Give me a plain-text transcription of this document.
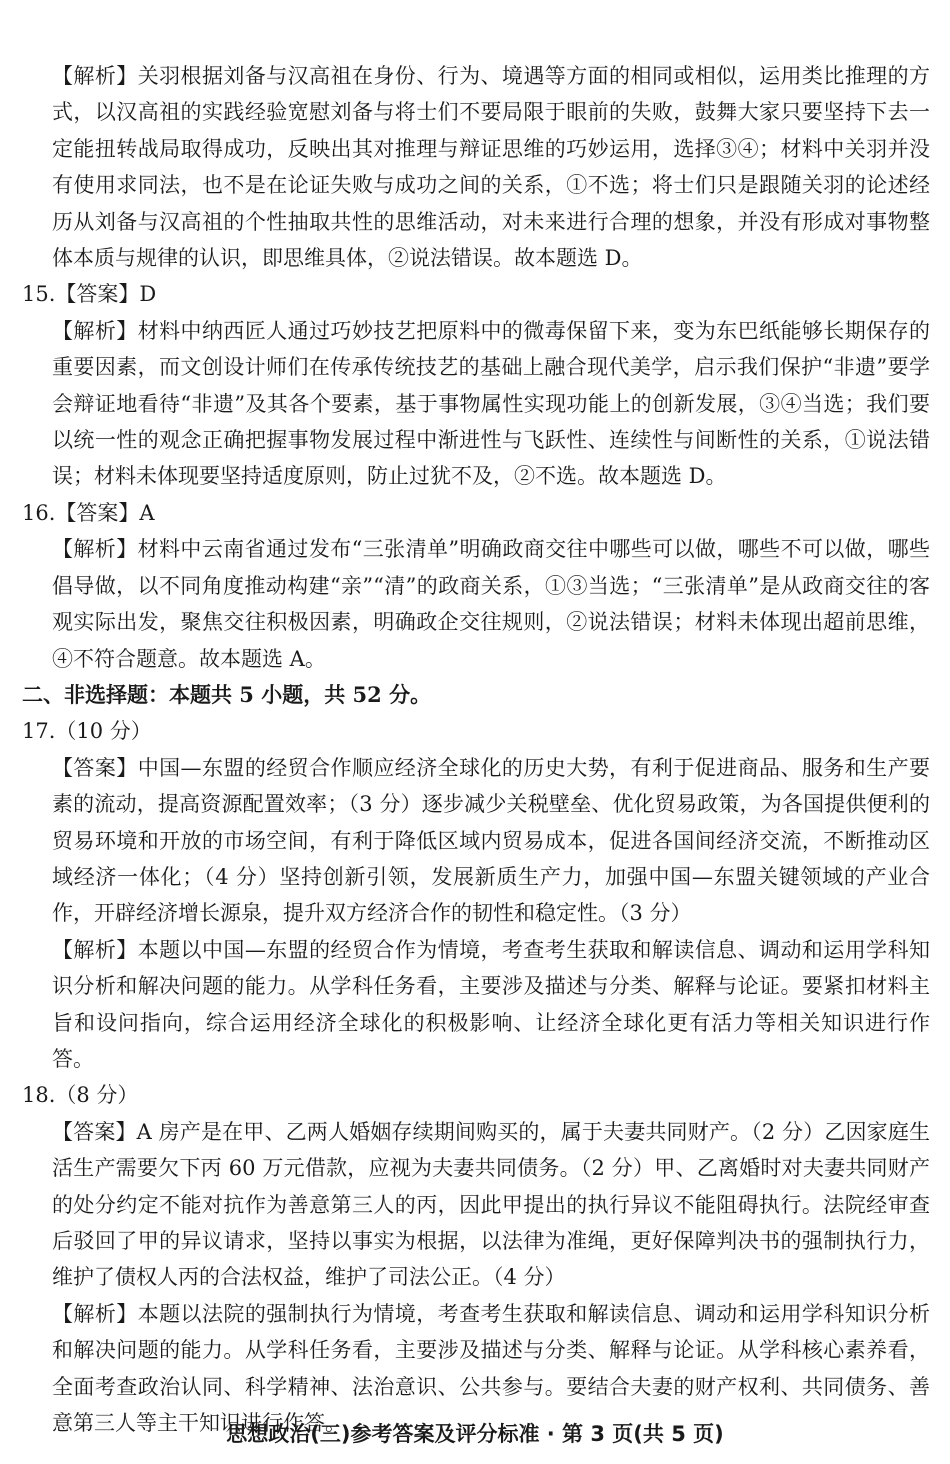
【解析】关羽根据刘备与汉高祖在身份、行为、境遇等方面的相同或相似，运用类比推理的方式，以汉高祖的实践经验宽慰刘备与将士们不要局限于眼前的失败，鼓舞大家只要坚持下去一定能扭转战局取得成功，反映出其对推理与辩证思维的巧妙运用，选择③④；材料中关羽并没有使用求同法，也不是在论证失败与成功之间的关系，①不选；将士们只是跟随关羽的论述经历从刘备与汉高祖的个性抽取共性的思维活动，对未来进行合理的想象，并没有形成对事物整体本质与规律的认识，即思维具体，②说法错误。故本题选 D。

15.【答案】D

【解析】材料中纳西匠人通过巧妙技艺把原料中的微毒保留下来，变为东巴纸能够长期保存的重要因素，而文创设计师们在传承传统技艺的基础上融合现代美学，启示我们保护“非遗”要学会辩证地看待“非遗”及其各个要素，基于事物属性实现功能上的创新发展，③④当选；我们要以统一性的观念正确把握事物发展过程中渐进性与飞跃性、连续性与间断性的关系，①说法错误；材料未体现要坚持适度原则，防止过犹不及，②不选。故本题选 D。

16.【答案】A

【解析】材料中云南省通过发布“三张清单”明确政商交往中哪些可以做，哪些不可以做，哪些倡导做，以不同角度推动构建“亲”“清”的政商关系，①③当选；“三张清单”是从政商交往的客观实际出发，聚焦交往积极因素，明确政企交往规则，②说法错误；材料未体现出超前思维，④不符合题意。故本题选 A。

二、非选择题：本题共 5 小题，共 52 分。

17.（10 分）

【答案】中国—东盟的经贸合作顺应经济全球化的历史大势，有利于促进商品、服务和生产要素的流动，提高资源配置效率；（3 分）逐步减少关税壁垒、优化贸易政策，为各国提供便利的贸易环境和开放的市场空间，有利于降低区域内贸易成本，促进各国间经济交流，不断推动区域经济一体化；（4 分）坚持创新引领，发展新质生产力，加强中国—东盟关键领域的产业合作，开辟经济增长源泉，提升双方经济合作的韧性和稳定性。（3 分）

【解析】本题以中国—东盟的经贸合作为情境，考查考生获取和解读信息、调动和运用学科知识分析和解决问题的能力。从学科任务看，主要涉及描述与分类、解释与论证。要紧扣材料主旨和设问指向，综合运用经济全球化的积极影响、让经济全球化更有活力等相关知识进行作答。

18.（8 分）

【答案】A 房产是在甲、乙两人婚姻存续期间购买的，属于夫妻共同财产。（2 分）乙因家庭生活生产需要欠下丙 60 万元借款，应视为夫妻共同债务。（2 分）甲、乙离婚时对夫妻共同财产的处分约定不能对抗作为善意第三人的丙，因此甲提出的执行异议不能阻碍执行。法院经审查后驳回了甲的异议请求，坚持以事实为根据，以法律为准绳，更好保障判决书的强制执行力，维护了债权人丙的合法权益，维护了司法公正。（4 分）

【解析】本题以法院的强制执行为情境，考查考生获取和解读信息、调动和运用学科知识分析和解决问题的能力。从学科任务看，主要涉及描述与分类、解释与论证。从学科核心素养看，全面考查政治认同、科学精神、法治意识、公共参与。要结合夫妻的财产权利、共同债务、善意第三人等主干知识进行作答。

思想政治(三)参考答案及评分标准 · 第 3 页(共 5 页)
